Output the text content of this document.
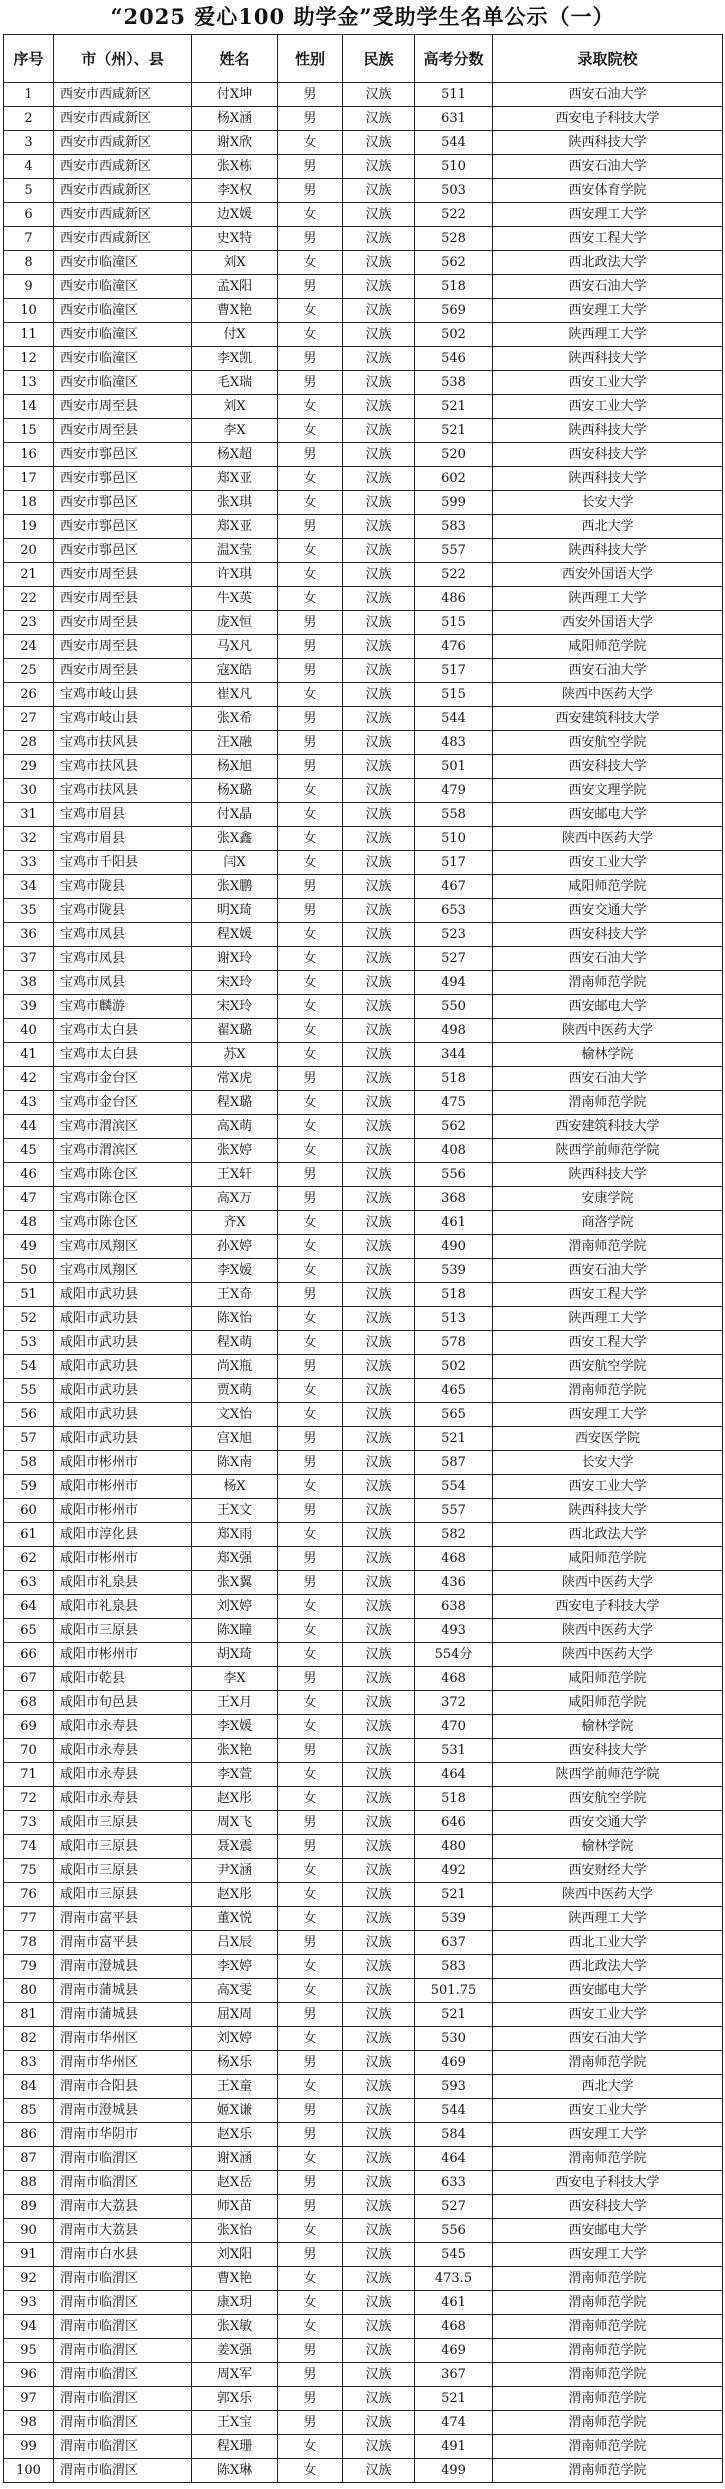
“2025 爱心100 助学金”受助学生名单公示（一）
序号	市（州）、县	姓名	性别	民族	高考分数	录取院校
1	西安市西咸新区	付X坤	男	汉族	511	西安石油大学
2	西安市西咸新区	杨X涵	男	汉族	631	西安电子科技大学
3	西安市西咸新区	谢X欣	女	汉族	544	陕西科技大学
4	西安市西咸新区	张X栋	男	汉族	510	西安石油大学
5	西安市西咸新区	李X权	男	汉族	503	西安体育学院
6	西安市西咸新区	边X媛	女	汉族	522	西安理工大学
7	西安市西咸新区	史X特	男	汉族	528	西安工程大学
8	西安市临潼区	刘X	女	汉族	562	西北政法大学
9	西安市临潼区	孟X阳	男	汉族	518	西安石油大学
10	西安市临潼区	曹X艳	女	汉族	569	西安理工大学
11	西安市临潼区	付X	女	汉族	502	陕西理工大学
12	西安市临潼区	李X凯	男	汉族	546	陕西科技大学
13	西安市临潼区	毛X瑞	男	汉族	538	西安工业大学
14	西安市周至县	刘X	女	汉族	521	西安工业大学
15	西安市周至县	李X	女	汉族	521	陕西科技大学
16	西安市鄠邑区	杨X超	男	汉族	520	西安科技大学
17	西安市鄠邑区	郑X亚	女	汉族	602	陕西科技大学
18	西安市鄠邑区	张X琪	女	汉族	599	长安大学
19	西安市鄠邑区	郑X亚	男	汉族	583	西北大学
20	西安市鄠邑区	温X莹	女	汉族	557	陕西科技大学
21	西安市周至县	许X琪	女	汉族	522	西安外国语大学
22	西安市周至县	牛X英	女	汉族	486	陕西理工大学
23	西安市周至县	庞X恒	男	汉族	515	西安外国语大学
24	西安市周至县	马X凡	男	汉族	476	咸阳师范学院
25	西安市周至县	寇X皓	男	汉族	517	西安石油大学
26	宝鸡市岐山县	崔X凡	女	汉族	515	陕西中医药大学
27	宝鸡市岐山县	张X希	男	汉族	544	西安建筑科技大学
28	宝鸡市扶风县	汪X融	男	汉族	483	西安航空学院
29	宝鸡市扶风县	杨X旭	男	汉族	501	西安科技大学
30	宝鸡市扶风县	杨X璐	女	汉族	479	西安文理学院
31	宝鸡市眉县	付X晶	女	汉族	558	西安邮电大学
32	宝鸡市眉县	张X鑫	女	汉族	510	陕西中医药大学
33	宝鸡市千阳县	闫X	女	汉族	517	西安工业大学
34	宝鸡市陇县	张X鹏	男	汉族	467	咸阳师范学院
35	宝鸡市陇县	明X琦	男	汉族	653	西安交通大学
36	宝鸡市凤县	程X媛	女	汉族	523	西安科技大学
37	宝鸡市凤县	谢X玲	女	汉族	527	西安石油大学
38	宝鸡市凤县	宋X玲	女	汉族	494	渭南师范学院
39	宝鸡市麟游	宋X玲	女	汉族	550	西安邮电大学
40	宝鸡市太白县	翟X璐	女	汉族	498	陕西中医药大学
41	宝鸡市太白县	苏X	女	汉族	344	榆林学院
42	宝鸡市金台区	常X虎	男	汉族	518	西安石油大学
43	宝鸡市金台区	程X璐	女	汉族	475	渭南师范学院
44	宝鸡市渭滨区	高X萌	女	汉族	562	西安建筑科技大学
45	宝鸡市渭滨区	张X婷	女	汉族	408	陕西学前师范学院
46	宝鸡市陈仓区	王X轩	男	汉族	556	陕西科技大学
47	宝鸡市陈仓区	高X万	男	汉族	368	安康学院
48	宝鸡市陈仓区	齐X	女	汉族	461	商洛学院
49	宝鸡市凤翔区	孙X婷	女	汉族	490	渭南师范学院
50	宝鸡市凤翔区	李X嫒	女	汉族	539	西安石油大学
51	咸阳市武功县	王X奇	男	汉族	518	西安工程大学
52	咸阳市武功县	陈X怡	女	汉族	513	陕西理工大学
53	咸阳市武功县	程X萌	女	汉族	578	西安工程大学
54	咸阳市武功县	尚X瓶	男	汉族	502	西安航空学院
55	咸阳市武功县	贾X萌	女	汉族	465	渭南师范学院
56	咸阳市武功县	文X怡	女	汉族	565	西安理工大学
57	咸阳市武功县	宫X旭	男	汉族	521	西安医学院
58	咸阳市彬州市	陈X南	男	汉族	587	长安大学
59	咸阳市彬州市	杨X	女	汉族	554	西安工业大学
60	咸阳市彬州市	王X文	男	汉族	557	陕西科技大学
61	咸阳市淳化县	郑X雨	女	汉族	582	西北政法大学
62	咸阳市彬州市	郑X强	男	汉族	468	咸阳师范学院
63	咸阳市礼泉县	张X翼	男	汉族	436	陕西中医药大学
64	咸阳市礼泉县	刘X婷	女	汉族	638	西安电子科技大学
65	咸阳市三原县	陈X瞳	女	汉族	493	陕西中医药大学
66	咸阳市彬州市	胡X琦	女	汉族	554分	陕西中医药大学
67	咸阳市乾县	李X	男	汉族	468	咸阳师范学院
68	咸阳市旬邑县	王X月	女	汉族	372	咸阳师范学院
69	咸阳市永寿县	李X媛	女	汉族	470	榆林学院
70	咸阳市永寿县	张X艳	男	汉族	531	西安科技大学
71	咸阳市永寿县	李X萱	女	汉族	464	陕西学前师范学院
72	咸阳市永寿县	赵X彤	女	汉族	518	西安航空学院
73	咸阳市三原县	周X飞	男	汉族	646	西安交通大学
74	咸阳市三原县	聂X震	男	汉族	480	榆林学院
75	咸阳市三原县	尹X涵	女	汉族	492	西安财经大学
76	咸阳市三原县	赵X彤	女	汉族	521	陕西中医药大学
77	渭南市富平县	董X悦	女	汉族	539	陕西理工大学
78	渭南市富平县	吕X辰	男	汉族	637	西北工业大学
79	渭南市澄城县	李X婷	女	汉族	583	西北政法大学
80	渭南市蒲城县	高X雯	女	汉族	501.75	西安邮电大学
81	渭南市蒲城县	屈X周	男	汉族	521	西安工业大学
82	渭南市华州区	刘X婷	女	汉族	530	西安石油大学
83	渭南市华州区	杨X乐	男	汉族	469	渭南师范学院
84	渭南市合阳县	王X童	女	汉族	593	西北大学
85	渭南市澄城县	姬X谦	男	汉族	544	西安工业大学
86	渭南市华阴市	赵X乐	男	汉族	584	西安理工大学
87	渭南市临渭区	谢X涵	女	汉族	464	渭南师范学院
88	渭南市临渭区	赵X岳	男	汉族	633	西安电子科技大学
89	渭南市大荔县	师X苗	男	汉族	527	西安科技大学
90	渭南市大荔县	张X怡	女	汉族	556	西安邮电大学
91	渭南市白水县	刘X阳	男	汉族	545	西安理工大学
92	渭南市临渭区	曹X艳	女	汉族	473.5	渭南师范学院
93	渭南市临渭区	康X玥	女	汉族	461	渭南师范学院
94	渭南市临渭区	张X敏	女	汉族	468	渭南师范学院
95	渭南市临渭区	姜X强	男	汉族	469	渭南师范学院
96	渭南市临渭区	周X军	男	汉族	367	渭南师范学院
97	渭南市临渭区	郭X乐	男	汉族	521	渭南师范学院
98	渭南市临渭区	王X宝	男	汉族	474	渭南师范学院
99	渭南市临渭区	程X珊	女	汉族	491	渭南师范学院
100	渭南市临渭区	陈X琳	女	汉族	499	渭南师范学院
